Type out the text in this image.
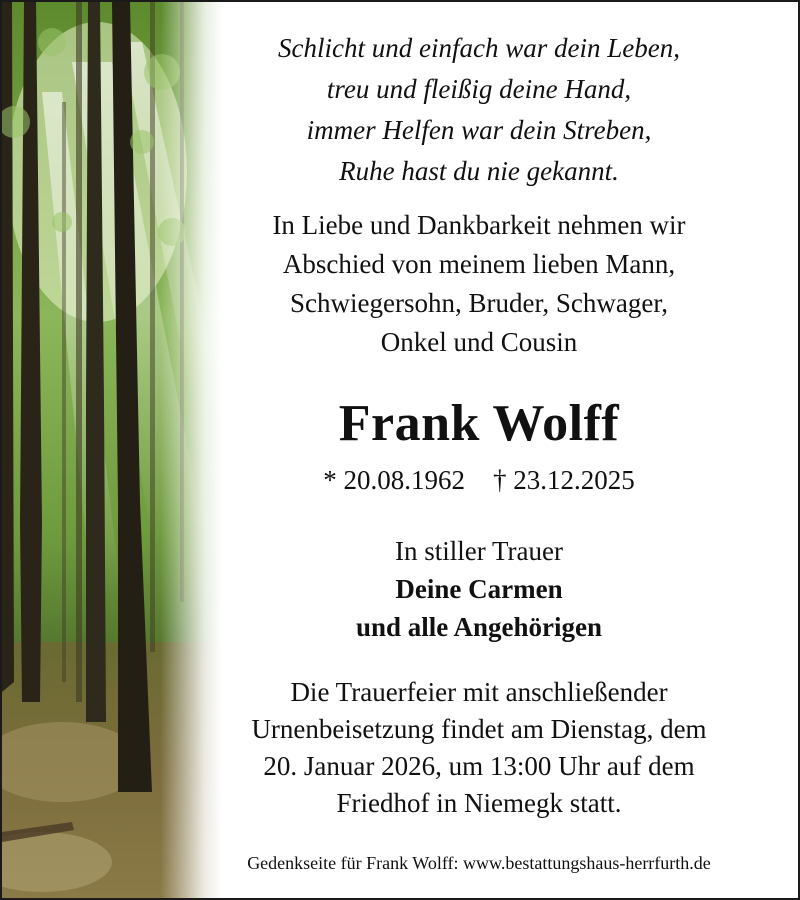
Schlicht und einfach war dein Leben,
treu und fleißig deine Hand,
immer Helfen war dein Streben,
Ruhe hast du nie gekannt.
In Liebe und Dankbarkeit nehmen wir
Abschied von meinem lieben Mann,
Schwiegersohn, Bruder, Schwager,
Onkel und Cousin
Frank Wolff
* 20.08.1962 † 23.12.2025
In stiller Trauer
Deine Carmen
und alle Angehörigen
Die Trauerfeier mit anschließender
Urnenbeisetzung findet am Dienstag, dem
20. Januar 2026, um 13:00 Uhr auf dem
Friedhof in Niemegk statt.
Gedenkseite für Frank Wolff: www.bestattungshaus-herrfurth.de
